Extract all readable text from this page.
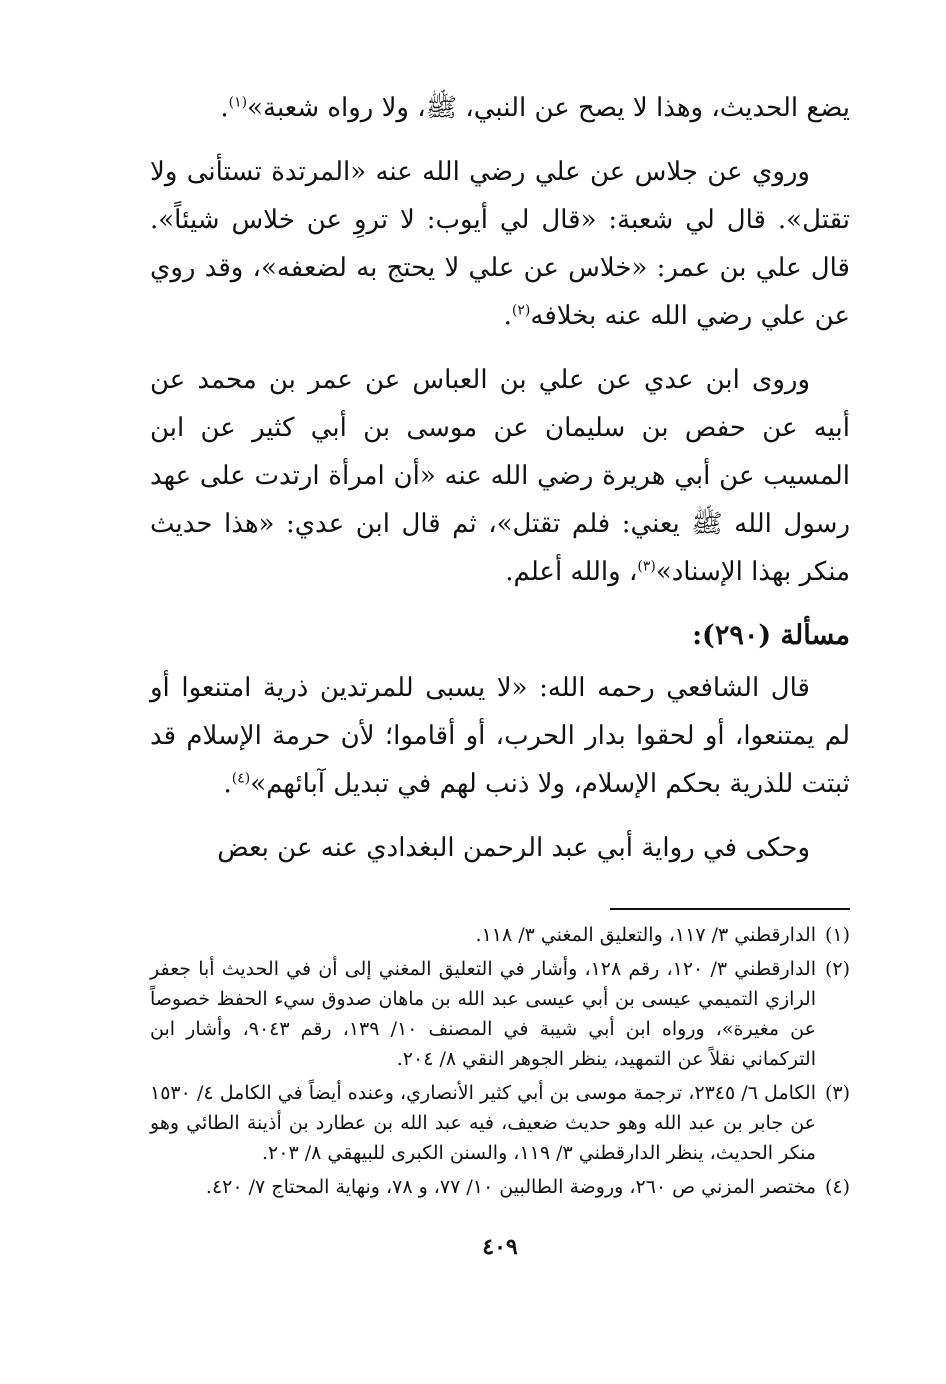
يضع الحديث، وهذا لا يصح عن النبي، ﷺ، ولا رواه شعبة»$^{(١)}$.

وروي عن جلاس عن علي رضي الله عنه «المرتدة تستأنى ولا تقتل». قال لي شعبة: «قال لي أيوب: لا تروِ عن خلاس شيئاً». قال علي بن عمر: «خلاس عن علي لا يحتج به لضعفه»، وقد روي عن علي رضي الله عنه بخلافه$^{(٢)}$.

وروى ابن عدي عن علي بن العباس عن عمر بن محمد عن أبيه عن حفص بن سليمان عن موسى بن أبي كثير عن ابن المسيب عن أبي هريرة رضي الله عنه «أن امرأة ارتدت على عهد رسول الله ﷺ يعني: فلم تقتل»، ثم قال ابن عدي: «هذا حديث منكر بهذا الإسناد»$^{(٣)}$، والله أعلم.

مسألة (٢٩٠):

قال الشافعي رحمه الله: «لا يسبى للمرتدين ذرية امتنعوا أو لم يمتنعوا، أو لحقوا بدار الحرب، أو أقاموا؛ لأن حرمة الإسلام قد ثبتت للذرية بحكم الإسلام، ولا ذنب لهم في تبديل آبائهم»$^{(٤)}$.

وحكى في رواية أبي عبد الرحمن البغدادي عنه عن بعض

(١)
الدارقطني ٣/ ١١٧، والتعليق المغني ٣/ ١١٨.
(٢)
الدارقطني ٣/ ١٢٠، رقم ١٢٨، وأشار في التعليق المغني إلى أن في الحديث أبا جعفر الرازي التميمي عيسى بن أبي عيسى عبد الله بن ماهان صدوق سيء الحفظ خصوصاً عن مغيرة»، ورواه ابن أبي شيبة في المصنف ١٠/ ١٣٩، رقم ٩٠٤٣، وأشار ابن التركماني نقلاً عن التمهيد، ينظر الجوهر النقي ٨/ ٢٠٤.
(٣)
الكامل ٦/ ٢٣٤٥، ترجمة موسى بن أبي كثير الأنصاري، وعنده أيضاً في الكامل ٤/ ١٥٣٠ عن جابر بن عبد الله وهو حديث ضعيف، فيه عبد الله بن عطارد بن أذينة الطائي وهو منكر الحديث، ينظر الدارقطني ٣/ ١١٩، والسنن الكبرى للبيهقي ٨/ ٢٠٣.
(٤)
مختصر المزني ص ٢٦٠، وروضة الطالبين ١٠/ ٧٧، و ٧٨، ونهاية المحتاج ٧/ ٤٢٠.
٤٠٩
